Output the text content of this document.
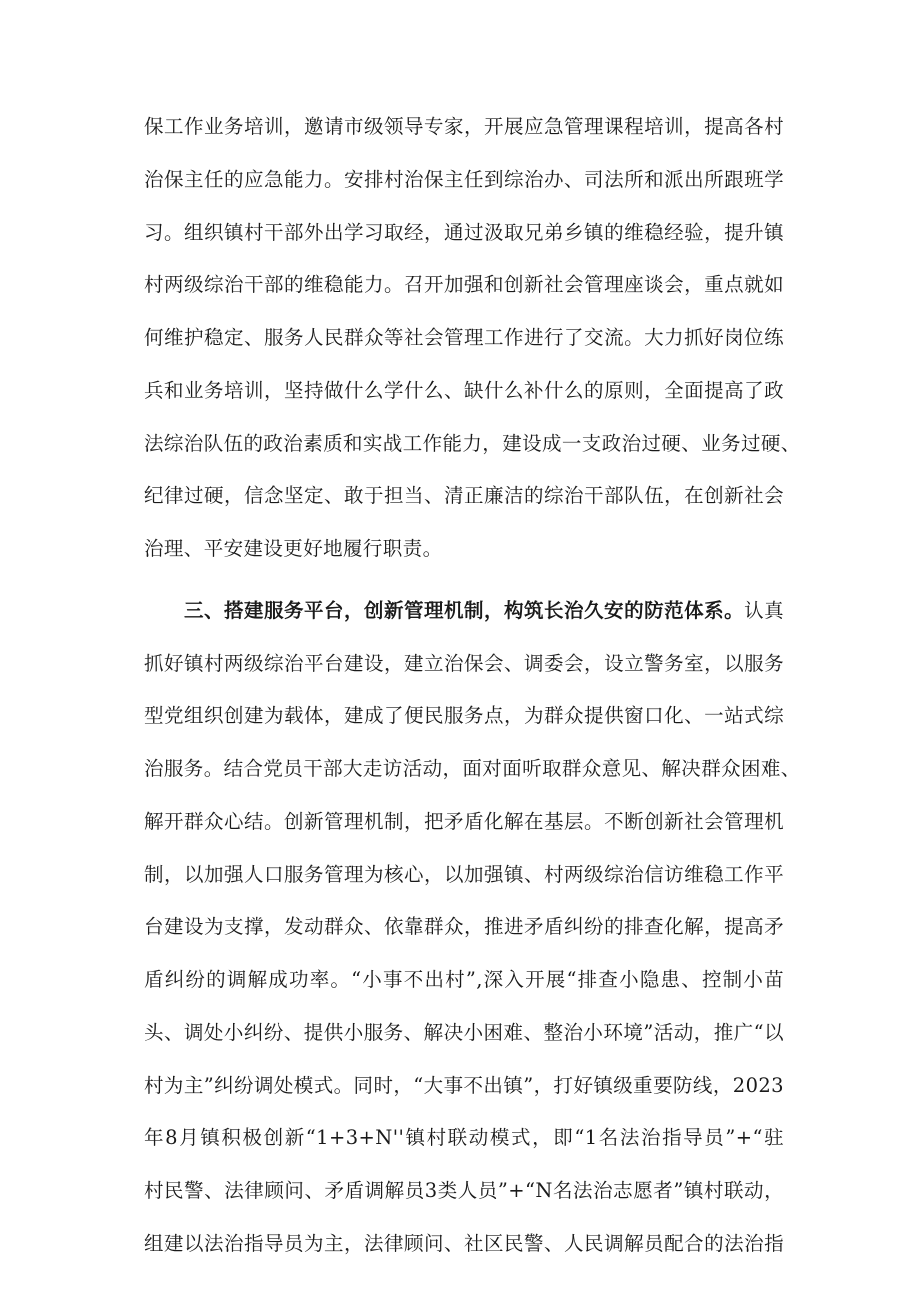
保工作业务培训，邀请市级领导专家，开展应急管理课程培训，提高各村
治保主任的应急能力。安排村治保主任到综治办、司法所和派出所跟班学
习。组织镇村干部外出学习取经，通过汲取兄弟乡镇的维稳经验，提升镇
村两级综治干部的维稳能力。召开加强和创新社会管理座谈会，重点就如
何维护稳定、服务人民群众等社会管理工作进行了交流。大力抓好岗位练
兵和业务培训，坚持做什么学什么、缺什么补什么的原则，全面提高了政
法综治队伍的政治素质和实战工作能力，建设成一支政治过硬、业务过硬、
纪律过硬，信念坚定、敢于担当、清正廉洁的综治干部队伍，在创新社会
治理、平安建设更好地履行职责。
三、搭建服务平台，创新管理机制，构筑长治久安的防范体系。认真
抓好镇村两级综治平台建设，建立治保会、调委会，设立警务室，以服务
型党组织创建为载体，建成了便民服务点，为群众提供窗口化、一站式综
治服务。结合党员干部大走访活动，面对面听取群众意见、解决群众困难、
解开群众心结。创新管理机制，把矛盾化解在基层。不断创新社会管理机
制，以加强人口服务管理为核心，以加强镇、村两级综治信访维稳工作平
台建设为支撑，发动群众、依靠群众，推进矛盾纠纷的排查化解，提高矛
盾纠纷的调解成功率。“小事不出村”,深入开展“排查小隐患、控制小苗
头、调处小纠纷、提供小服务、解决小困难、整治小环境”活动，推广“以
村为主”纠纷调处模式。同时，“大事不出镇”，打好镇级重要防线，2023
年8月镇积极创新“1+3+N''镇村联动模式，即“1名法治指导员”+“驻
村民警、法律顾问、矛盾调解员3类人员”+“N名法治志愿者”镇村联动，
组建以法治指导员为主，法律顾问、社区民警、人民调解员配合的法治指
